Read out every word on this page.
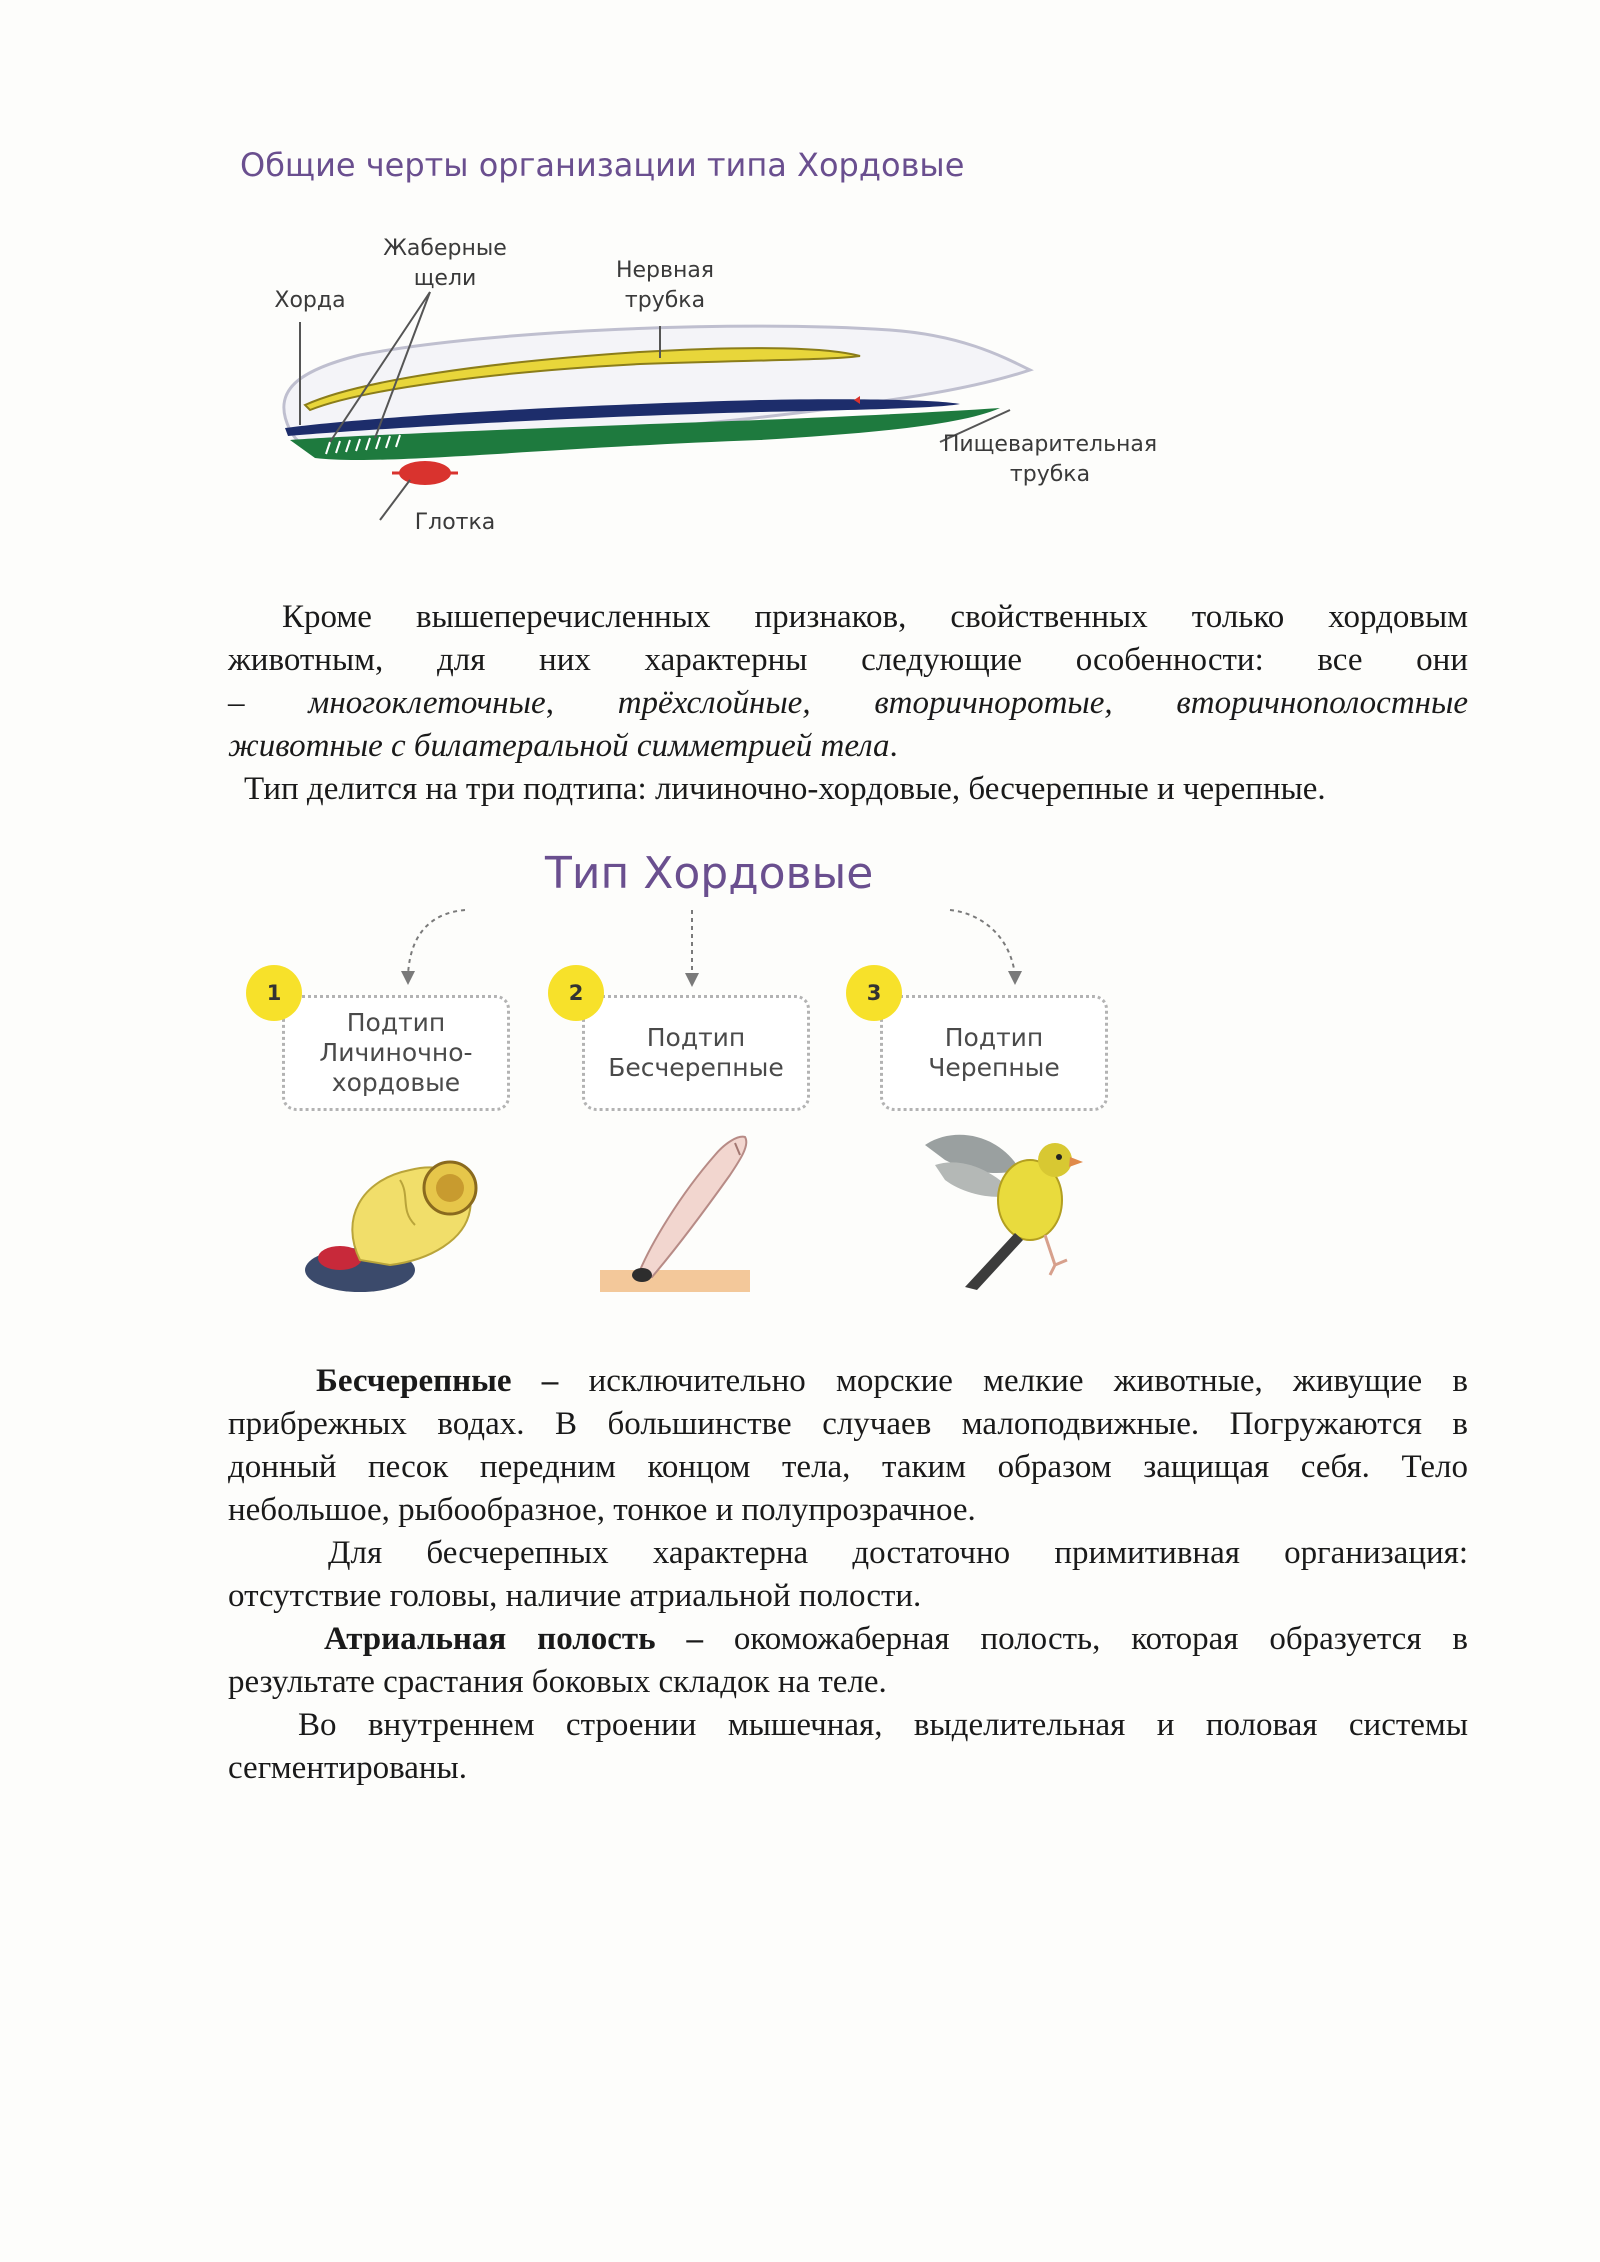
Общие черты организации типа Хордовые
Хорда
Жаберные
щели	Нервная
трубка
Пищеварительная
трубка
Глотка
Кроме вышеперечисленных признаков, свойственных только хордовым
животным, для них характерны следующие особенности: все они
– многоклеточные, трёхслойные, вторичноротые, вторичнополостные
животные с билатеральной симметрией тела.
Тип делится на три подтипа: личиночно-хордовые, бесчерепные и черепные.
Тип Хордовые
Подтип
Личиночно-
хордовые
1
Подтип
Бесчерепные
2
Подтип
Черепные
3
Бесчерепные – исключительно морские мелкие животные, живущие в
прибрежных водах. В большинстве случаев малоподвижные. Погружаются в
донный песок передним концом тела, таким образом защищая себя. Тело
небольшое, рыбообразное, тонкое и полупрозрачное.
Для бесчерепных характерна достаточно примитивная организация:
отсутствие головы, наличие атриальной полости.
Атриальная полость – окоможаберная полость, которая образуется в
результате срастания боковых складок на теле.
Во внутреннем строении мышечная, выделительная и половая системы
сегментированы.
